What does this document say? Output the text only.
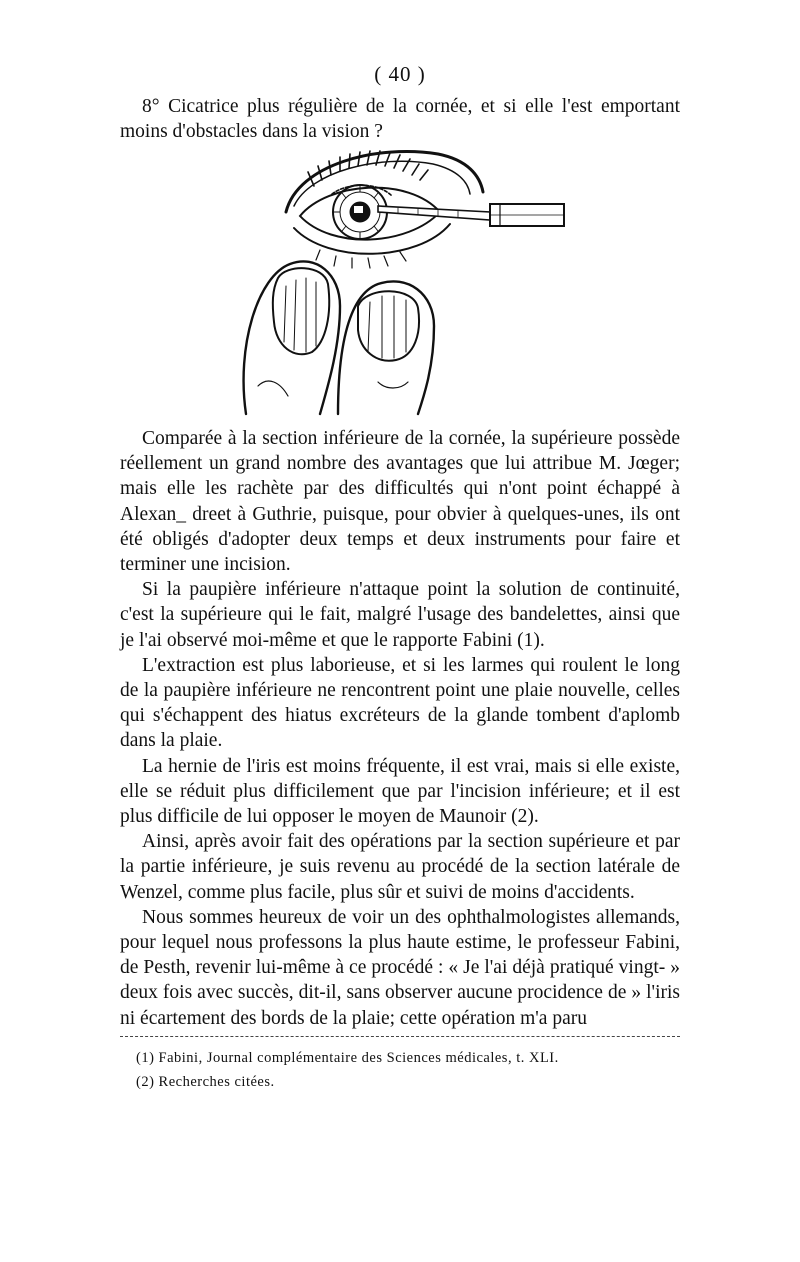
( 40 )

8° Cicatrice plus régulière de la cornée, et si elle l'est emportant moins d'obstacles dans la vision ?

Comparée à la section inférieure de la cornée, la supérieure possède réellement un grand nombre des avantages que lui attribue M. Jœger; mais elle les rachète par des difficultés qui n'ont point échappé à Alexan_ dreet à Guthrie, puisque, pour obvier à quelques-unes, ils ont été obligés d'adopter deux temps et deux instruments pour faire et terminer une incision.

Si la paupière inférieure n'attaque point la solution de continuité, c'est la supérieure qui le fait, malgré l'usage des bandelettes, ainsi que je l'ai observé moi-même et que le rapporte Fabini (1).

L'extraction est plus laborieuse, et si les larmes qui roulent le long de la paupière inférieure ne rencontrent point une plaie nouvelle, celles qui s'échappent des hiatus excréteurs de la glande tombent d'aplomb dans la plaie.

La hernie de l'iris est moins fréquente, il est vrai, mais si elle existe, elle se réduit plus difficilement que par l'incision inférieure; et il est plus difficile de lui opposer le moyen de Maunoir (2).

Ainsi, après avoir fait des opérations par la section supérieure et par la partie inférieure, je suis revenu au procédé de la section latérale de Wenzel, comme plus facile, plus sûr et suivi de moins d'accidents.

Nous sommes heureux de voir un des ophthalmologistes allemands, pour lequel nous professons la plus haute estime, le professeur Fabini, de Pesth, revenir lui-même à ce procédé : « Je l'ai déjà pratiqué vingt- » deux fois avec succès, dit-il, sans observer aucune procidence de » l'iris ni écartement des bords de la plaie; cette opération m'a paru

(1) Fabini, Journal complémentaire des Sciences médicales, t. XLI.
(2) Recherches citées.
